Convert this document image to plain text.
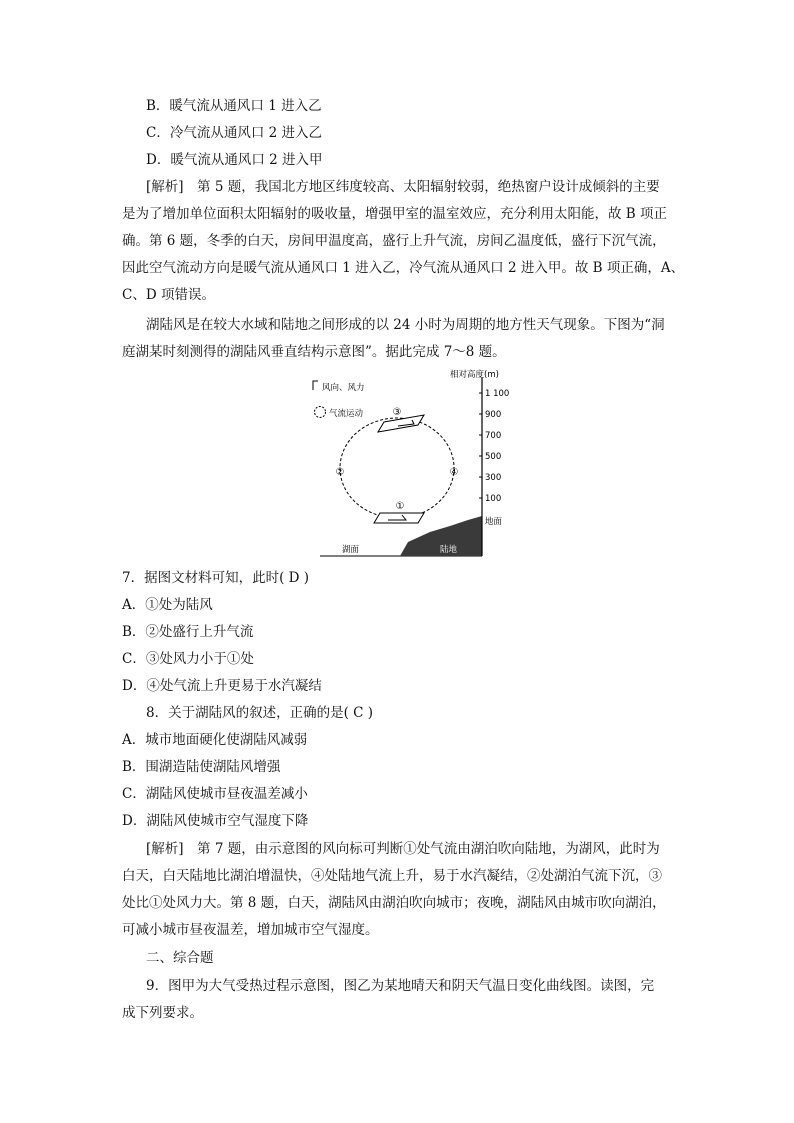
B．暖气流从通风口 1 进入乙
C．冷气流从通风口 2 进入乙
D．暖气流从通风口 2 进入甲
[解析]　第 5 题，我国北方地区纬度较高、太阳辐射较弱，绝热窗户设计成倾斜的主要
是为了增加单位面积太阳辐射的吸收量，增强甲室的温室效应，充分利用太阳能，故 B 项正
确。第 6 题，冬季的白天，房间甲温度高，盛行上升气流，房间乙温度低，盛行下沉气流，
因此空气流动方向是暖气流从通风口 1 进入乙，冷气流从通风口 2 进入甲。故 B 项正确，A、
C、D 项错误。
湖陆风是在较大水域和陆地之间形成的以 24 小时为周期的地方性天气现象。下图为“洞
庭湖某时刻测得的湖陆风垂直结构示意图”。据此完成 7～8 题。
相对高度(m)
1 100
900
700
500
300
100
地面
风向、风力
气流运动	③
①
②	④
湖面	陆地
7．据图文材料可知，此时( D )
A．①处为陆风
B．②处盛行上升气流
C．③处风力小于①处
D．④处气流上升更易于水汽凝结
8．关于湖陆风的叙述，正确的是( C )
A．城市地面硬化使湖陆风减弱
B．围湖造陆使湖陆风增强
C．湖陆风使城市昼夜温差减小
D．湖陆风使城市空气湿度下降
[解析]　第 7 题，由示意图的风向标可判断①处气流由湖泊吹向陆地，为湖风，此时为
白天，白天陆地比湖泊增温快，④处陆地气流上升，易于水汽凝结，②处湖泊气流下沉，③
处比①处风力大。第 8 题，白天，湖陆风由湖泊吹向城市；夜晚，湖陆风由城市吹向湖泊，
可减小城市昼夜温差，增加城市空气湿度。
二、综合题
9．图甲为大气受热过程示意图，图乙为某地晴天和阴天气温日变化曲线图。读图，完
成下列要求。
